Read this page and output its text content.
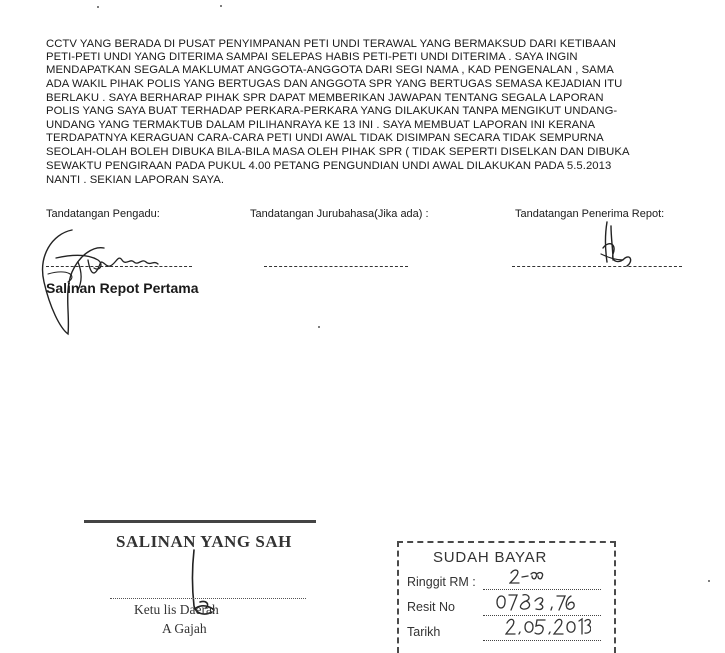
CCTV YANG BERADA DI PUSAT PENYIMPANAN PETI UNDI TERAWAL YANG BERMAKSUD DARI KETIBAAN
PETI-PETI UNDI YANG DITERIMA SAMPAI SELEPAS HABIS PETI-PETI UNDI DITERIMA . SAYA INGIN
MENDAPATKAN SEGALA MAKLUMAT ANGGOTA-ANGGOTA DARI SEGI NAMA , KAD PENGENALAN , SAMA
ADA WAKIL PIHAK POLIS YANG BERTUGAS DAN ANGGOTA SPR YANG BERTUGAS SEMASA KEJADIAN ITU
BERLAKU . SAYA BERHARAP PIHAK SPR DAPAT MEMBERIKAN JAWAPAN TENTANG SEGALA LAPORAN
POLIS YANG SAYA BUAT TERHADAP PERKARA-PERKARA YANG DILAKUKAN TANPA MENGIKUT UNDANG-
UNDANG YANG TERMAKTUB DALAM PILIHANRAYA KE 13 INI . SAYA MEMBUAT LAPORAN INI KERANA
TERDAPATNYA KERAGUAN CARA-CARA PETI UNDI AWAL TIDAK DISIMPAN SECARA TIDAK SEMPURNA
SEOLAH-OLAH BOLEH DIBUKA BILA-BILA MASA OLEH PIHAK SPR ( TIDAK SEPERTI DISELKAN DAN DIBUKA
SEWAKTU PENGIRAAN PADA PUKUL 4.00 PETANG PENGUNDIAN UNDI AWAL DILAKUKAN PADA 5.5.2013
NANTI . SEKIAN LAPORAN SAYA.
Tandatangan Pengadu:	Tandatangan Jurubahasa(Jika ada) :	Tandatangan Penerima Repot:
Salinan Repot Pertama
SALINAN YANG SAH
Ketu lis Daerah
A Gajah
SUDAH BAYAR
Ringgit RM :
Resit No
Tarikh
